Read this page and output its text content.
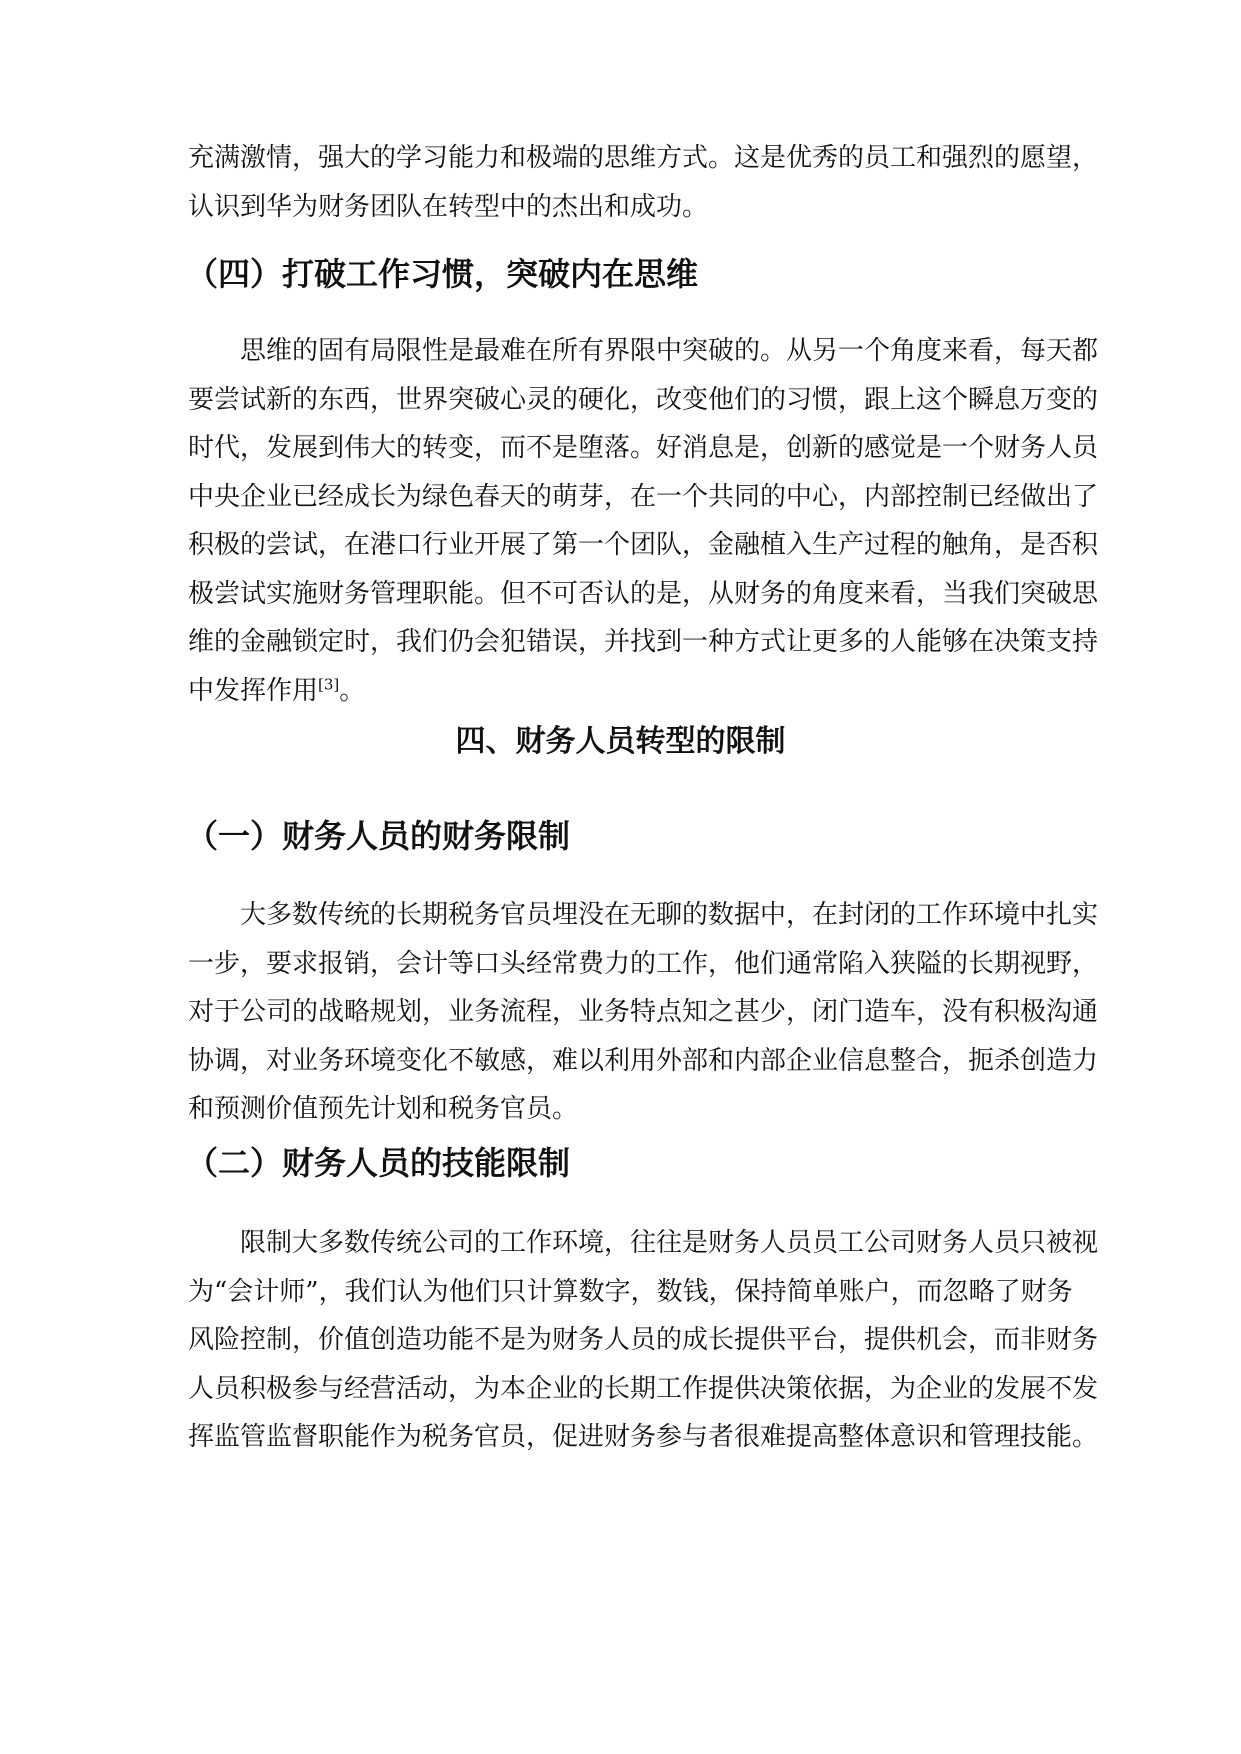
充满激情，强大的学习能力和极端的思维方式。这是优秀的员工和强烈的愿望，
认识到华为财务团队在转型中的杰出和成功。

（四）打破工作习惯，突破内在思维

思维的固有局限性是最难在所有界限中突破的。从另一个角度来看，每天都
要尝试新的东西，世界突破心灵的硬化，改变他们的习惯，跟上这个瞬息万变的
时代，发展到伟大的转变，而不是堕落。好消息是，创新的感觉是一个财务人员
中央企业已经成长为绿色春天的萌芽，在一个共同的中心，内部控制已经做出了
积极的尝试，在港口行业开展了第一个团队，金融植入生产过程的触角，是否积
极尝试实施财务管理职能。但不可否认的是，从财务的角度来看，当我们突破思
维的金融锁定时，我们仍会犯错误，并找到一种方式让更多的人能够在决策支持
中发挥作用[3]。

四、财务人员转型的限制
（一）财务人员的财务限制

大多数传统的长期税务官员埋没在无聊的数据中，在封闭的工作环境中扎实
一步，要求报销，会计等口头经常费力的工作，他们通常陷入狭隘的长期视野，
对于公司的战略规划，业务流程，业务特点知之甚少，闭门造车，没有积极沟通
协调，对业务环境变化不敏感，难以利用外部和内部企业信息整合，扼杀创造力
和预测价值预先计划和税务官员。

（二）财务人员的技能限制

限制大多数传统公司的工作环境，往往是财务人员员工公司财务人员只被视
为“会计师”，我们认为他们只计算数字，数钱，保持简单账户，而忽略了财务
风险控制，价值创造功能不是为财务人员的成长提供平台，提供机会，而非财务
人员积极参与经营活动，为本企业的长期工作提供决策依据，为企业的发展不发
挥监管监督职能作为税务官员，促进财务参与者很难提高整体意识和管理技能。
